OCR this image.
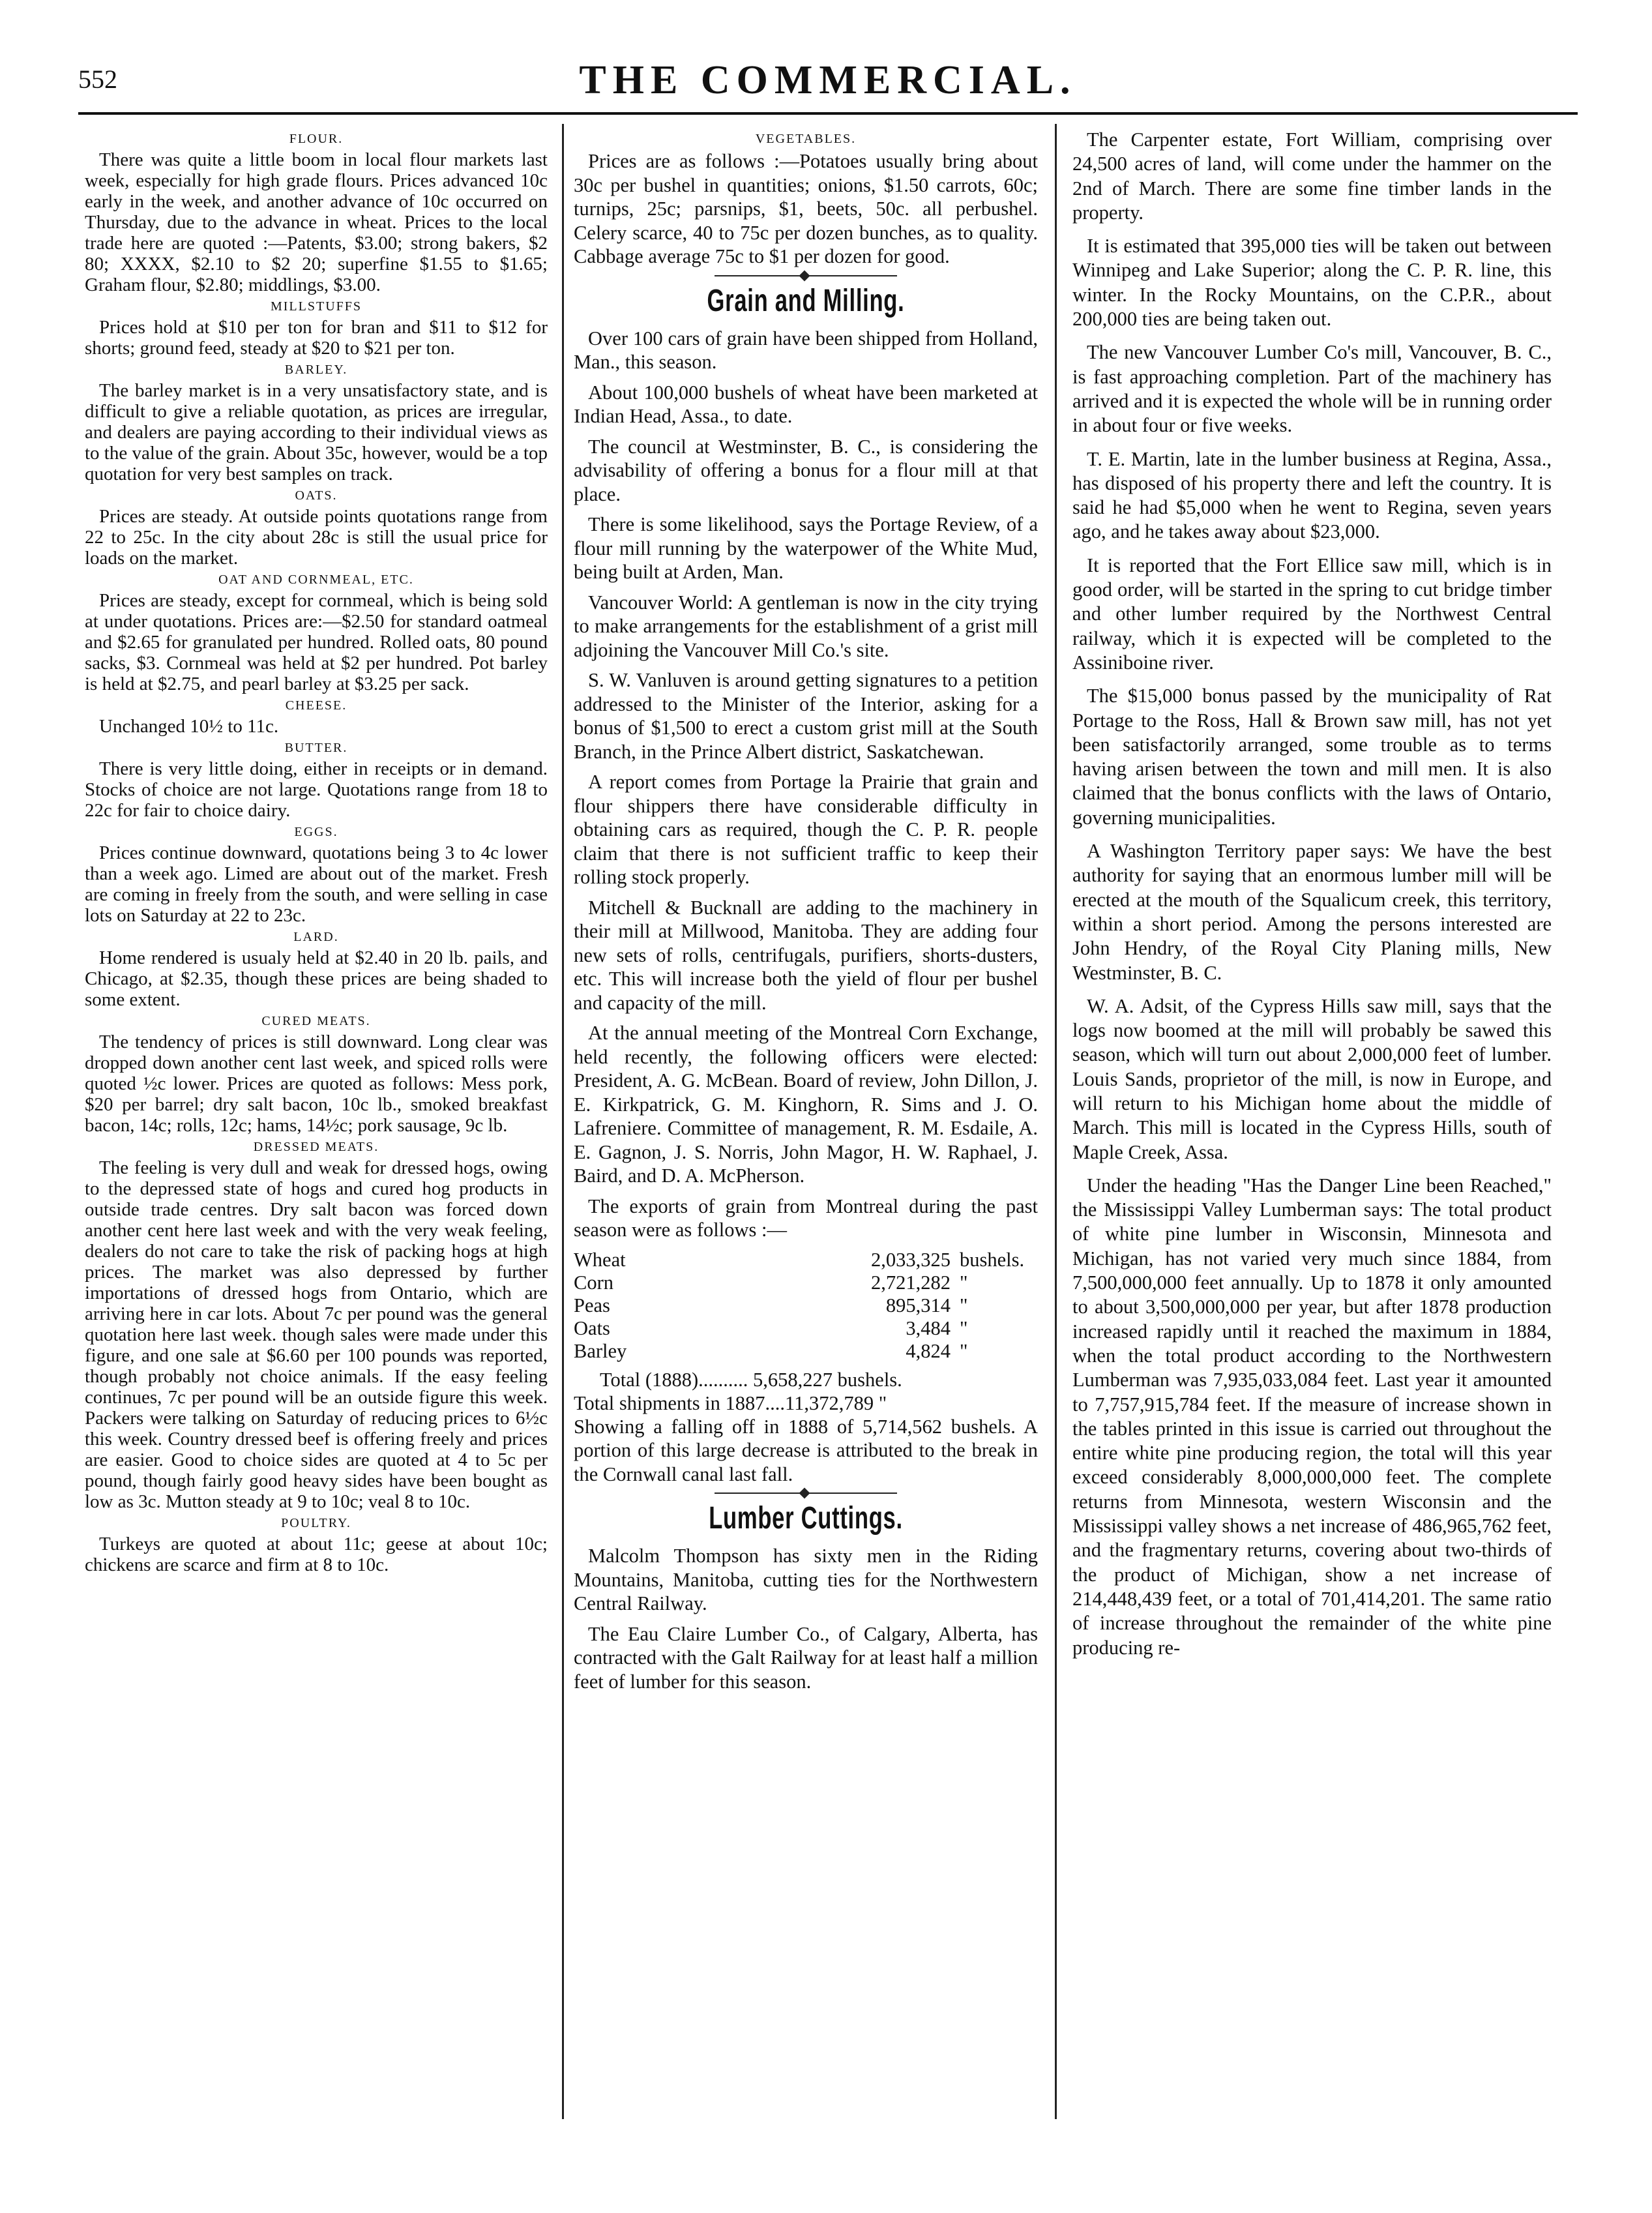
552	THE COMMERCIAL.
FLOUR.

There was quite a little boom in local flour markets last week, especially for high grade flours. Prices advanced 10c early in the week, and another advance of 10c occurred on Thursday, due to the advance in wheat. Prices to the local trade here are quoted :—Patents, $3.00; strong bakers, $2 80; XXXX, $2.10 to $2 20; superfine $1.55 to $1.65; Graham flour, $2.80; middlings, $3.00.

MILLSTUFFS

Prices hold at $10 per ton for bran and $11 to $12 for shorts; ground feed, steady at $20 to $21 per ton.

BARLEY.

The barley market is in a very unsatisfactory state, and is difficult to give a reliable quotation, as prices are irregular, and dealers are paying according to their individual views as to the value of the grain. About 35c, however, would be a top quotation for very best samples on track.

OATS.

Prices are steady. At outside points quotations range from 22 to 25c. In the city about 28c is still the usual price for loads on the market.

OAT AND CORNMEAL, ETC.

Prices are steady, except for cornmeal, which is being sold at under quotations. Prices are:—$2.50 for standard oatmeal and $2.65 for granulated per hundred. Rolled oats, 80 pound sacks, $3. Cornmeal was held at $2 per hundred. Pot barley is held at $2.75, and pearl barley at $3.25 per sack.

CHEESE.

Unchanged 10½ to 11c.

BUTTER.

There is very little doing, either in receipts or in demand. Stocks of choice are not large. Quotations range from 18 to 22c for fair to choice dairy.

EGGS.

Prices continue downward, quotations being 3 to 4c lower than a week ago. Limed are about out of the market. Fresh are coming in freely from the south, and were selling in case lots on Saturday at 22 to 23c.

LARD.

Home rendered is usualy held at $2.40 in 20 lb. pails, and Chicago, at $2.35, though these prices are being shaded to some extent.

CURED MEATS.

The tendency of prices is still downward. Long clear was dropped down another cent last week, and spiced rolls were quoted ½c lower. Prices are quoted as follows: Mess pork, $20 per barrel; dry salt bacon, 10c lb., smoked breakfast bacon, 14c; rolls, 12c; hams, 14½c; pork sausage, 9c lb.

DRESSED MEATS.

The feeling is very dull and weak for dressed hogs, owing to the depressed state of hogs and cured hog products in outside trade centres. Dry salt bacon was forced down another cent here last week and with the very weak feeling, dealers do not care to take the risk of packing hogs at high prices. The market was also depressed by further importations of dressed hogs from Ontario, which are arriving here in car lots. About 7c per pound was the general quotation here last week. though sales were made under this figure, and one sale at $6.60 per 100 pounds was reported, though probably not choice animals. If the easy feeling continues, 7c per pound will be an outside figure this week. Packers were talking on Saturday of reducing prices to 6½c this week. Country dressed beef is offering freely and prices are easier. Good to choice sides are quoted at 4 to 5c per pound, though fairly good heavy sides have been bought as low as 3c. Mutton steady at 9 to 10c; veal 8 to 10c.

POULTRY.

Turkeys are quoted at about 11c; geese at about 10c; chickens are scarce and firm at 8 to 10c.

VEGETABLES.

Prices are as follows :—Potatoes usually bring about 30c per bushel in quantities; onions, $1.50 carrots, 60c; turnips, 25c; parsnips, $1, beets, 50c. all perbushel. Celery scarce, 40 to 75c per dozen bunches, as to quality. Cabbage average 75c to $1 per dozen for good.

Grain and Milling.

Over 100 cars of grain have been shipped from Holland, Man., this season.

About 100,000 bushels of wheat have been marketed at Indian Head, Assa., to date.

The council at Westminster, B. C., is considering the advisability of offering a bonus for a flour mill at that place.

There is some likelihood, says the Portage Review, of a flour mill running by the waterpower of the White Mud, being built at Arden, Man.

Vancouver World: A gentleman is now in the city trying to make arrangements for the establishment of a grist mill adjoining the Vancouver Mill Co.'s site.

S. W. Vanluven is around getting signatures to a petition addressed to the Minister of the Interior, asking for a bonus of $1,500 to erect a custom grist mill at the South Branch, in the Prince Albert district, Saskatchewan.

A report comes from Portage la Prairie that grain and flour shippers there have considerable difficulty in obtaining cars as required, though the C. P. R. people claim that there is not sufficient traffic to keep their rolling stock properly.

Mitchell & Bucknall are adding to the machinery in their mill at Millwood, Manitoba. They are adding four new sets of rolls, centrifugals, purifiers, shorts-dusters, etc. This will increase both the yield of flour per bushel and capacity of the mill.

At the annual meeting of the Montreal Corn Exchange, held recently, the following officers were elected: President, A. G. McBean. Board of review, John Dillon, J. E. Kirkpatrick, G. M. Kinghorn, R. Sims and J. O. Lafreniere. Committee of management, R. M. Esdaile, A. E. Gagnon, J. S. Norris, John Magor, H. W. Raphael, J. Baird, and D. A. McPherson.

The exports of grain from Montreal during the past season were as follows :—

Wheat	2,033,325	bushels.
Corn	2,721,282	"
Peas	895,314	"
Oats	3,484	"
Barley	4,824	"
Total (1888).......... 5,658,227 bushels.
Total shipments in 1887....11,372,789 "

Showing a falling off in 1888 of 5,714,562 bushels. A portion of this large decrease is attributed to the break in the Cornwall canal last fall.

Lumber Cuttings.

Malcolm Thompson has sixty men in the Riding Mountains, Manitoba, cutting ties for the Northwestern Central Railway.

The Eau Claire Lumber Co., of Calgary, Alberta, has contracted with the Galt Railway for at least half a million feet of lumber for this season.

The Carpenter estate, Fort William, comprising over 24,500 acres of land, will come under the hammer on the 2nd of March. There are some fine timber lands in the property.

It is estimated that 395,000 ties will be taken out between Winnipeg and Lake Superior; along the C. P. R. line, this winter. In the Rocky Mountains, on the C.P.R., about 200,000 ties are being taken out.

The new Vancouver Lumber Co's mill, Vancouver, B. C., is fast approaching completion. Part of the machinery has arrived and it is expected the whole will be in running order in about four or five weeks.

T. E. Martin, late in the lumber business at Regina, Assa., has disposed of his property there and left the country. It is said he had $5,000 when he went to Regina, seven years ago, and he takes away about $23,000.

It is reported that the Fort Ellice saw mill, which is in good order, will be started in the spring to cut bridge timber and other lumber required by the Northwest Central railway, which it is expected will be completed to the Assiniboine river.

The $15,000 bonus passed by the municipality of Rat Portage to the Ross, Hall & Brown saw mill, has not yet been satisfactorily arranged, some trouble as to terms having arisen between the town and mill men. It is also claimed that the bonus conflicts with the laws of Ontario, governing municipalities.

A Washington Territory paper says: We have the best authority for saying that an enormous lumber mill will be erected at the mouth of the Squalicum creek, this territory, within a short period. Among the persons interested are John Hendry, of the Royal City Planing mills, New Westminster, B. C.

W. A. Adsit, of the Cypress Hills saw mill, says that the logs now boomed at the mill will probably be sawed this season, which will turn out about 2,000,000 feet of lumber. Louis Sands, proprietor of the mill, is now in Europe, and will return to his Michigan home about the middle of March. This mill is located in the Cypress Hills, south of Maple Creek, Assa.

Under the heading "Has the Danger Line been Reached," the Mississippi Valley Lumberman says: The total product of white pine lumber in Wisconsin, Minnesota and Michigan, has not varied very much since 1884, from 7,500,000,000 feet annually. Up to 1878 it only amounted to about 3,500,000,000 per year, but after 1878 production increased rapidly until it reached the maximum in 1884, when the total product according to the Northwestern Lumberman was 7,935,033,084 feet. Last year it amounted to 7,757,915,784 feet. If the measure of increase shown in the tables printed in this issue is carried out throughout the entire white pine producing region, the total will this year exceed considerably 8,000,000,000 feet. The complete returns from Minnesota, western Wisconsin and the Mississippi valley shows a net increase of 486,965,762 feet, and the fragmentary returns, covering about two-thirds of the product of Michigan, show a net increase of 214,448,439 feet, or a total of 701,414,201. The same ratio of increase throughout the remainder of the white pine producing re-
